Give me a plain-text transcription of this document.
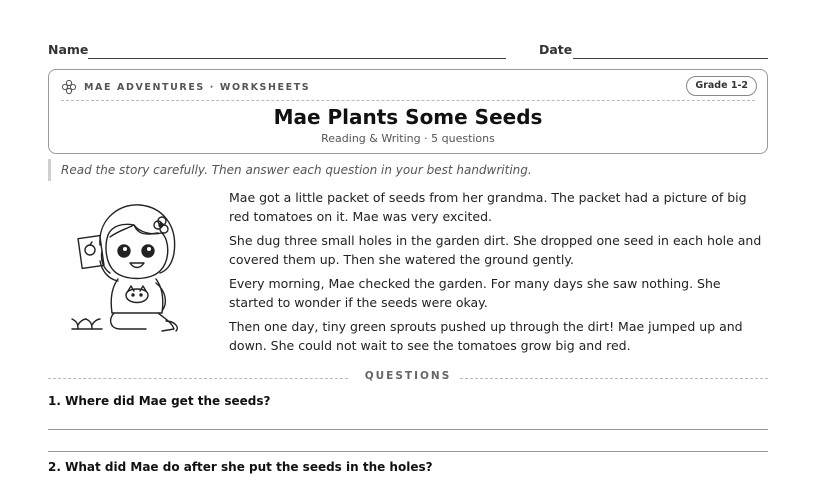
Name	Date
MAE ADVENTURES · WORKSHEETS	Grade 1-2
Mae Plants Some Seeds
Reading & Writing · 5 questions
Read the story carefully. Then answer each question in your best handwriting.

Mae got a little packet of seeds from her grandma. The packet had a picture of big red tomatoes on it. Mae was very excited.

She dug three small holes in the garden dirt. She dropped one seed in each hole and covered them up. Then she watered the ground gently.

Every morning, Mae checked the garden. For many days she saw nothing. She started to wonder if the seeds were okay.

Then one day, tiny green sprouts pushed up through the dirt! Mae jumped up and down. She could not wait to see the tomatoes grow big and red.

QUESTIONS
1. Where did Mae get the seeds?
2. What did Mae do after she put the seeds in the holes?
